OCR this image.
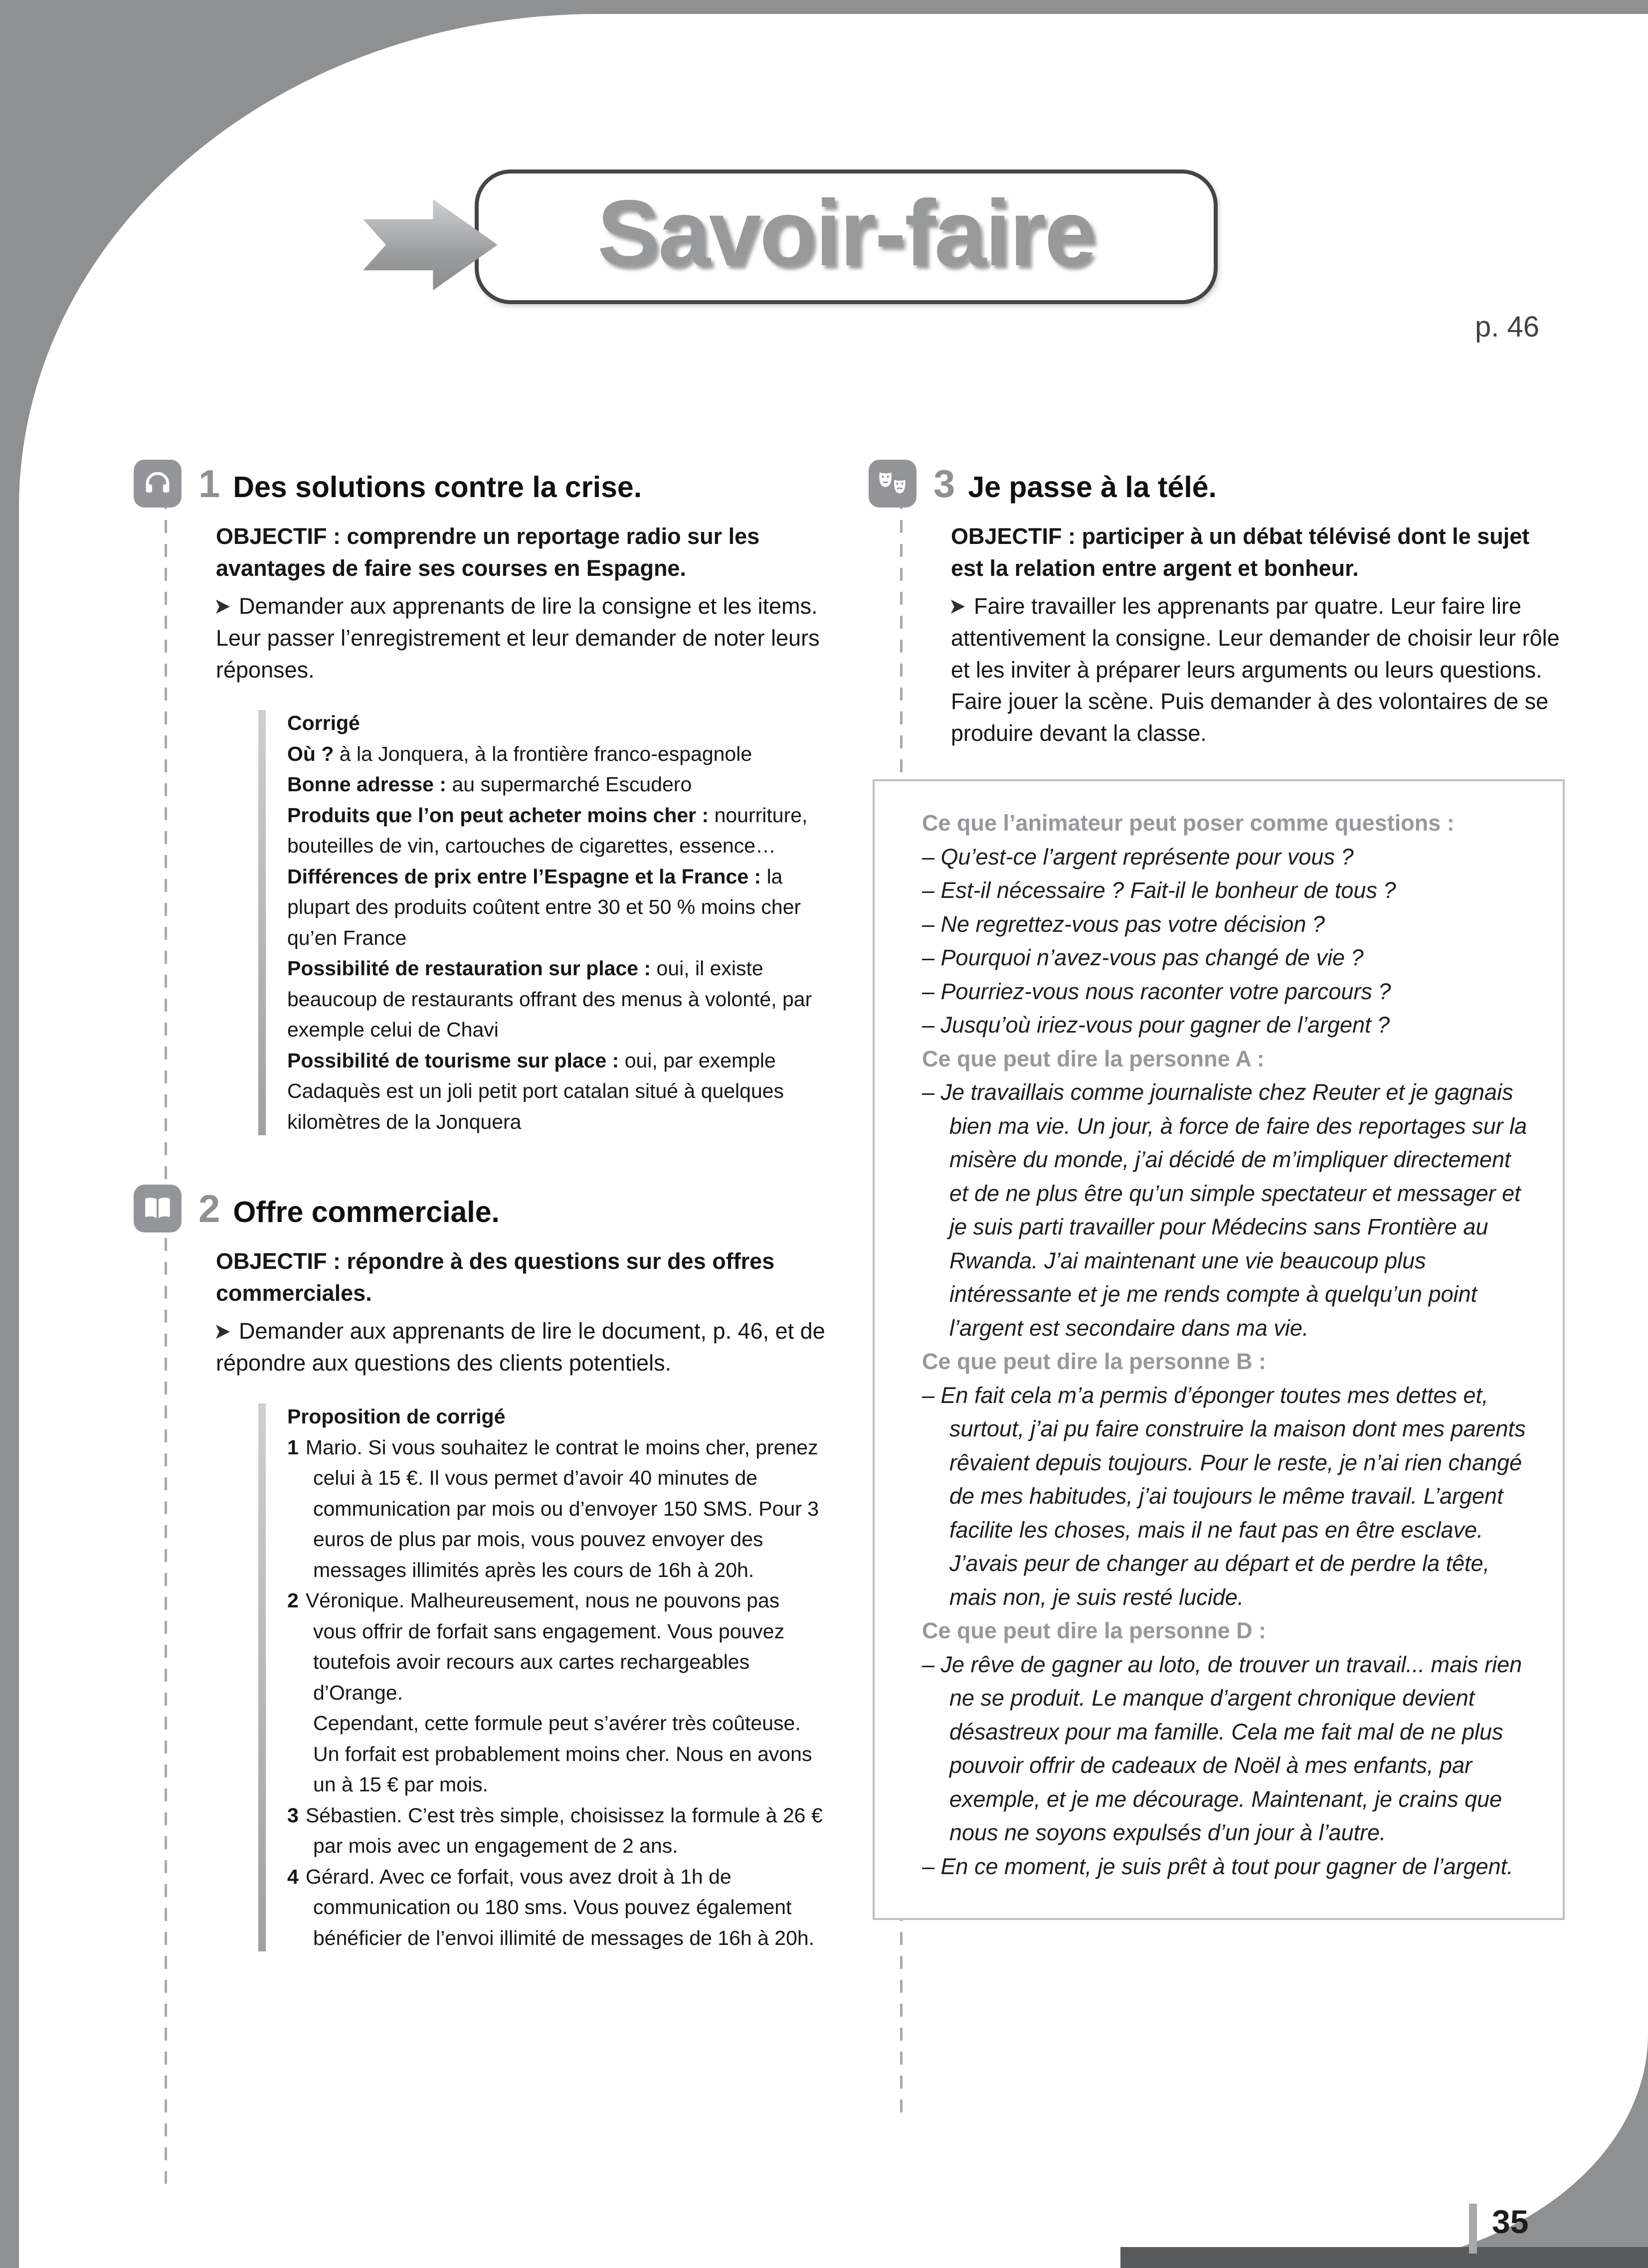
Savoir-faire
p. 46
1 Des solutions contre la crise.

OBJECTIF : comprendre un reportage radio sur les avantages de faire ses courses en Espagne.

Demander aux apprenants de lire la consigne et les items. Leur passer l’enregistrement et leur demander de noter leurs réponses.

Corrigé

Où ? à la Jonquera, à la frontière franco-espagnole

Bonne adresse : au supermarché Escudero

Produits que l’on peut acheter moins cher : nourriture, bouteilles de vin, cartouches de cigarettes, essence…

Différences de prix entre l’Espagne et la France : la plupart des produits coûtent entre 30 et 50 % moins cher qu’en France

Possibilité de restauration sur place : oui, il existe beaucoup de restaurants offrant des menus à volonté, par exemple celui de Chavi

Possibilité de tourisme sur place : oui, par exemple Cadaquès est un joli petit port catalan situé à quelques kilomètres de la Jonquera

2 Offre commerciale.

OBJECTIF : répondre à des questions sur des offres commerciales.

Demander aux apprenants de lire le document, p. 46, et de répondre aux questions des clients potentiels.

Proposition de corrigé

1 Mario. Si vous souhaitez le contrat le moins cher, prenez celui à 15 €. Il vous permet d’avoir 40 minutes de communication par mois ou d’envoyer 150 SMS. Pour 3 euros de plus par mois, vous pouvez envoyer des messages illimités après les cours de 16h à 20h.

2 Véronique. Malheureusement, nous ne pouvons pas vous offrir de forfait sans engagement. Vous pouvez toutefois avoir recours aux cartes rechargeables d’Orange.

Cependant, cette formule peut s’avérer très coûteuse. Un forfait est probablement moins cher. Nous en avons un à 15 € par mois.

3 Sébastien. C’est très simple, choisissez la formule à 26 € par mois avec un engagement de 2 ans.

4 Gérard. Avec ce forfait, vous avez droit à 1h de communication ou 180 sms. Vous pouvez également bénéficier de l’envoi illimité de messages de 16h à 20h.

3 Je passe à la télé.

OBJECTIF : participer à un débat télévisé dont le sujet est la relation entre argent et bonheur.

Faire travailler les apprenants par quatre. Leur faire lire attentivement la consigne. Leur demander de choisir leur rôle et les inviter à préparer leurs arguments ou leurs questions. Faire jouer la scène. Puis demander à des volontaires de se produire devant la classe.

Ce que l’animateur peut poser comme questions :

– Qu’est-ce l’argent représente pour vous ?

– Est-il nécessaire ? Fait-il le bonheur de tous ?

– Ne regrettez-vous pas votre décision ?

– Pourquoi n’avez-vous pas changé de vie ?

– Pourriez-vous nous raconter votre parcours ?

– Jusqu’où iriez-vous pour gagner de l’argent ?

Ce que peut dire la personne A :

– Je travaillais comme journaliste chez Reuter et je gagnais bien ma vie. Un jour, à force de faire des reportages sur la misère du monde, j’ai décidé de m’impliquer directement et de ne plus être qu’un simple spectateur et messager et je suis parti travailler pour Médecins sans Frontière au Rwanda. J’ai maintenant une vie beaucoup plus intéressante et je me rends compte à quelqu’un point l’argent est secondaire dans ma vie.

Ce que peut dire la personne B :

– En fait cela m’a permis d’éponger toutes mes dettes et, surtout, j’ai pu faire construire la maison dont mes parents rêvaient depuis toujours. Pour le reste, je n’ai rien changé de mes habitudes, j’ai toujours le même travail. L’argent facilite les choses, mais il ne faut pas en être esclave. J’avais peur de changer au départ et de perdre la tête, mais non, je suis resté lucide.

Ce que peut dire la personne D :

– Je rêve de gagner au loto, de trouver un travail... mais rien ne se produit. Le manque d’argent chronique devient désastreux pour ma famille. Cela me fait mal de ne plus pouvoir offrir de cadeaux de Noël à mes enfants, par exemple, et je me décourage. Maintenant, je crains que nous ne soyons expulsés d’un jour à l’autre.

– En ce moment, je suis prêt à tout pour gagner de l’argent.

35
